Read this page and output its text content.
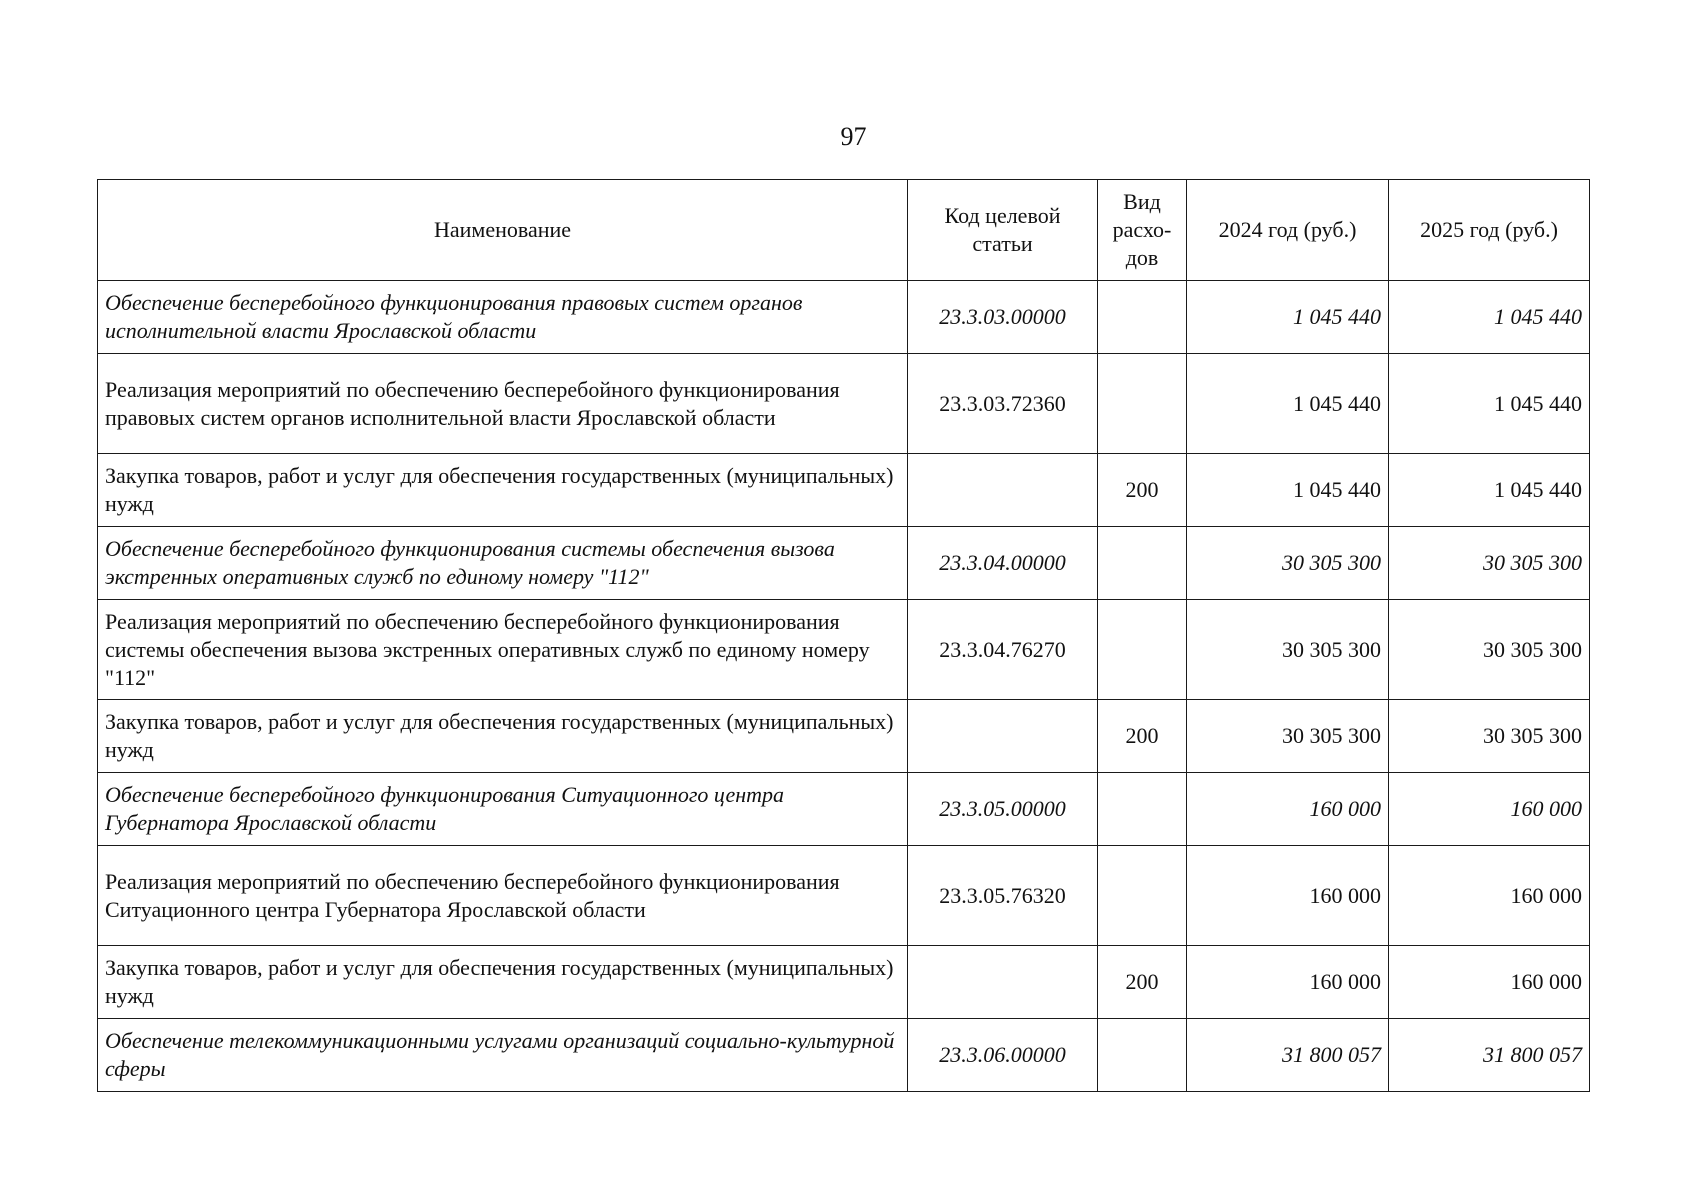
97
Наименование	Код целевой статьи	Вид расхо-дов	2024 год (руб.)	2025 год (руб.)
Обеспечение бесперебойного функционирования правовых систем органов исполнительной власти Ярославской области	23.3.03.00000		1 045 440	1 045 440
Реализация мероприятий по обеспечению бесперебойного функционирования правовых систем органов исполнительной власти Ярославской области	23.3.03.72360		1 045 440	1 045 440
Закупка товаров, работ и услуг для обеспечения государственных (муниципальных) нужд		200	1 045 440	1 045 440
Обеспечение бесперебойного функционирования системы обеспечения вызова экстренных оперативных служб по единому номеру "112"	23.3.04.00000		30 305 300	30 305 300
Реализация мероприятий по обеспечению бесперебойного функционирования системы обеспечения вызова экстренных оперативных служб по единому номеру "112"	23.3.04.76270		30 305 300	30 305 300
Закупка товаров, работ и услуг для обеспечения государственных (муниципальных) нужд		200	30 305 300	30 305 300
Обеспечение бесперебойного функционирования Ситуационного центра Губернатора Ярославской области	23.3.05.00000		160 000	160 000
Реализация мероприятий по обеспечению бесперебойного функционирования Ситуационного центра Губернатора Ярославской области	23.3.05.76320		160 000	160 000
Закупка товаров, работ и услуг для обеспечения государственных (муниципальных) нужд		200	160 000	160 000
Обеспечение телекоммуникационными услугами организаций социально-культурной сферы	23.3.06.00000		31 800 057	31 800 057
